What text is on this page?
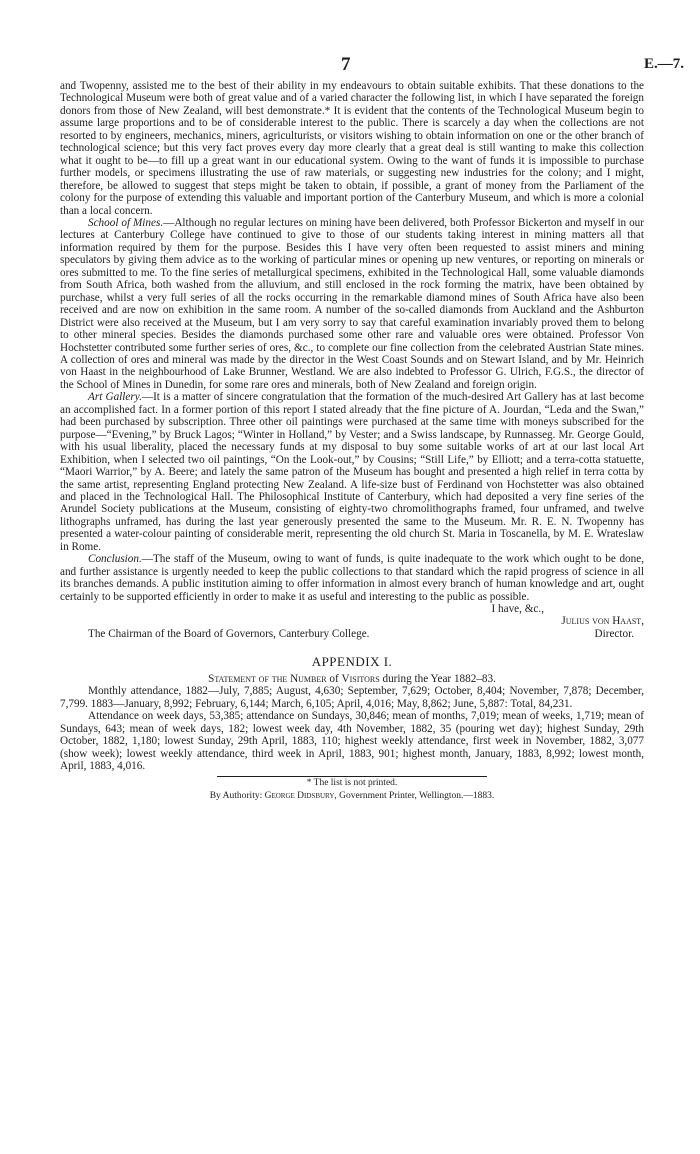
7	E.—7.

and Twopenny, assisted me to the best of their ability in my endeavours to obtain suitable exhibits. That these donations to the Technological Museum were both of great value and of a varied character the following list, in which I have separated the foreign donors from those of New Zealand, will best demonstrate.* It is evident that the contents of the Technological Museum begin to assume large proportions and to be of considerable interest to the public. There is scarcely a day when the collections are not resorted to by engineers, mechanics, miners, agriculturists, or visitors wishing to obtain information on one or the other branch of technological science; but this very fact proves every day more clearly that a great deal is still wanting to make this collection what it ought to be—to fill up a great want in our educational system. Owing to the want of funds it is impossible to purchase further models, or specimens illustrating the use of raw materials, or suggesting new industries for the colony; and I might, therefore, be allowed to suggest that steps might be taken to obtain, if possible, a grant of money from the Parliament of the colony for the purpose of extending this valuable and important portion of the Canterbury Museum, and which is more a colonial than a local concern.

School of Mines.—Although no regular lectures on mining have been delivered, both Professor Bickerton and myself in our lectures at Canterbury College have continued to give to those of our students taking interest in mining matters all that information required by them for the purpose. Besides this I have very often been requested to assist miners and mining speculators by giving them advice as to the working of particular mines or opening up new ventures, or reporting on minerals or ores submitted to me. To the fine series of metallurgical specimens, exhibited in the Technological Hall, some valuable diamonds from South Africa, both washed from the alluvium, and still enclosed in the rock forming the matrix, have been obtained by purchase, whilst a very full series of all the rocks occurring in the remarkable diamond mines of South Africa have also been received and are now on exhibition in the same room. A number of the so-called diamonds from Auckland and the Ashburton District were also received at the Museum, but I am very sorry to say that careful examination invariably proved them to belong to other mineral species. Besides the diamonds purchased some other rare and valuable ores were obtained. Professor Von Hochstetter contributed some further series of ores, &c., to complete our fine collection from the celebrated Austrian State mines. A collection of ores and mineral was made by the director in the West Coast Sounds and on Stewart Island, and by Mr. Heinrich von Haast in the neighbourhood of Lake Brunner, Westland. We are also indebted to Professor G. Ulrich, F.G.S., the director of the School of Mines in Dunedin, for some rare ores and minerals, both of New Zealand and foreign origin.

Art Gallery.—It is a matter of sincere congratulation that the formation of the much-desired Art Gallery has at last become an accomplished fact. In a former portion of this report I stated already that the fine picture of A. Jourdan, “Leda and the Swan,” had been purchased by subscription. Three other oil paintings were purchased at the same time with moneys subscribed for the purpose—“Evening,” by Bruck Lagos; “Winter in Holland,” by Vester; and a Swiss landscape, by Runnasseg. Mr. George Gould, with his usual liberality, placed the necessary funds at my disposal to buy some suitable works of art at our last local Art Exhibition, when I selected two oil paintings, “On the Look-out,” by Cousins; “Still Life,” by Elliott; and a terra-cotta statuette, “Maori Warrior,” by A. Beere; and lately the same patron of the Museum has bought and presented a high relief in terra cotta by the same artist, representing England protecting New Zealand. A life-size bust of Ferdinand von Hochstetter was also obtained and placed in the Technological Hall. The Philosophical Institute of Canterbury, which had deposited a very fine series of the Arundel Society publications at the Museum, consisting of eighty-two chromolithographs framed, four unframed, and twelve lithographs unframed, has during the last year generously presented the same to the Museum. Mr. R. E. N. Twopenny has presented a water-colour painting of considerable merit, representing the old church St. Maria in Toscanella, by M. E. Wrateslaw in Rome.

Conclusion.—The staff of the Museum, owing to want of funds, is quite inadequate to the work which ought to be done, and further assistance is urgently needed to keep the public collections to that standard which the rapid progress of science in all its branches demands. A public institution aiming to offer information in almost every branch of human knowledge and art, ought certainly to be supported efficiently in order to make it as useful and interesting to the public as possible.

I have, &c.,

Julius von Haast,

The Chairman of the Board of Governors, Canterbury College.	Director.
APPENDIX I.

Statement of the Number of Visitors during the Year 1882–83.

Monthly attendance, 1882—July, 7,885; August, 4,630; September, 7,629; October, 8,404; November, 7,878; December, 7,799. 1883—January, 8,992; February, 6,144; March, 6,105; April, 4,016; May, 8,862; June, 5,887: Total, 84,231.

Attendance on week days, 53,385; attendance on Sundays, 30,846; mean of months, 7,019; mean of weeks, 1,719; mean of Sundays, 643; mean of week days, 182; lowest week day, 4th November, 1882, 35 (pouring wet day); highest Sunday, 29th October, 1882, 1,180; lowest Sunday, 29th April, 1883, 110; highest weekly attendance, first week in November, 1882, 3,077 (show week); lowest weekly attendance, third week in April, 1883, 901; highest month, January, 1883, 8,992; lowest month, April, 1883, 4,016.

* The list is not printed.

By Authority: George Didsbury, Government Printer, Wellington.—1883.
